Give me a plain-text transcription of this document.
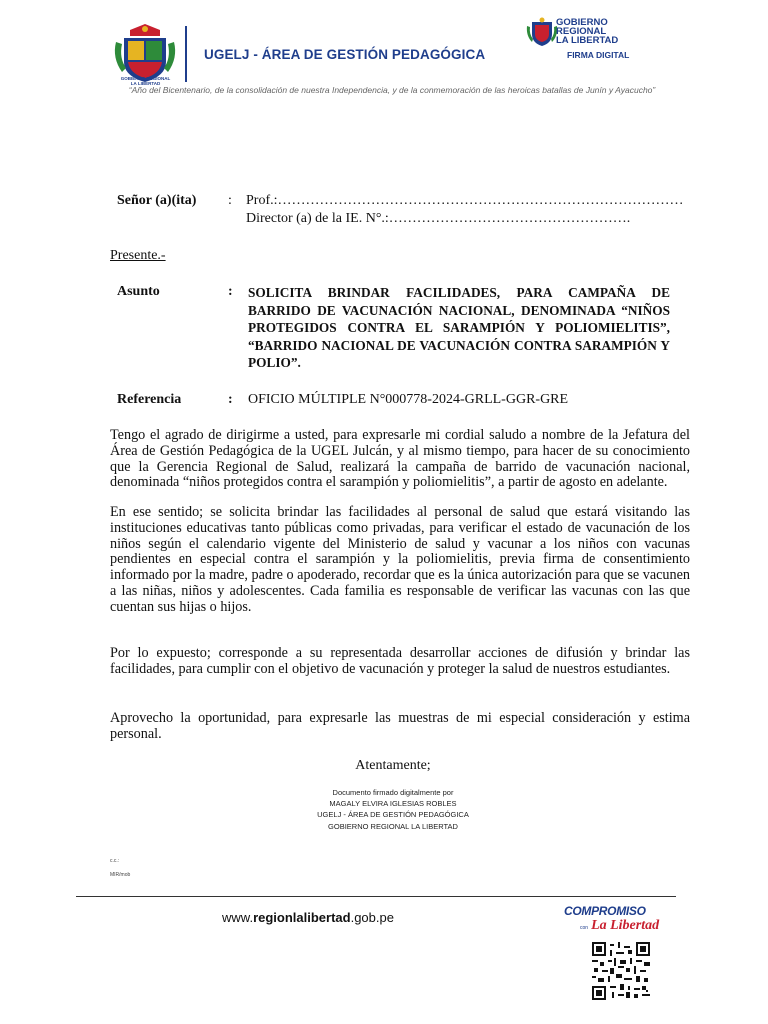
GOBIERNO REGIONAL
LA LIBERTAD
UGELJ - ÁREA DE GESTIÓN PEDAGÓGICA
GOBIERNO
REGIONAL
LA LIBERTAD
FIRMA DIGITAL
“Año del Bicentenario, de la consolidación de nuestra Independencia, y de la conmemoración de las heroicas batallas de Junín y Ayacucho”
Señor (a)(ita) : Prof.:……………………………………………………………………………
Director (a) de la IE. N°.:…………………………………………….
Presente.-
Asunto	: SOLICITA BRINDAR FACILIDADES, PARA CAMPAÑA DE BARRIDO DE VACUNACIÓN NACIONAL, DENOMINADA “NIÑOS PROTEGIDOS CONTRA EL SARAMPIÓN Y POLIOMIELITIS”, “BARRIDO NACIONAL DE VACUNACIÓN CONTRA SARAMPIÓN Y POLIO”.
Referencia	: OFICIO MÚLTIPLE N°000778-2024-GRLL-GGR-GRE
Tengo el agrado de dirigirme a usted, para expresarle mi cordial saludo a nombre de la Jefatura del Área de Gestión Pedagógica de la UGEL Julcán, y al mismo tiempo, para hacer de su conocimiento que la Gerencia Regional de Salud, realizará la campaña de barrido de vacunación nacional, denominada “niños protegidos contra el sarampión y poliomielitis”, a partir de agosto en adelante.
En ese sentido; se solicita brindar las facilidades al personal de salud que estará visitando las instituciones educativas tanto públicas como privadas, para verificar el estado de vacunación de los niños según el calendario vigente del Ministerio de salud y vacunar a los niños con vacunas pendientes en especial contra el sarampión y la poliomielitis, previa firma de consentimiento informado por la madre, padre o apoderado, recordar que es la única autorización para que se vacunen a las niñas, niños y adolescentes. Cada familia es responsable de verificar las vacunas con las que cuentan sus hijas o hijos.
Por lo expuesto; corresponde a su representada desarrollar acciones de difusión y brindar las facilidades, para cumplir con el objetivo de vacunación y proteger la salud de nuestros estudiantes.
Aprovecho la oportunidad, para expresarle las muestras de mi especial consideración y estima personal.
Atentamente;
Documento firmado digitalmente por
MAGALY ELVIRA IGLESIAS ROBLES
UGELJ - ÁREA DE GESTIÓN PEDAGÓGICA
GOBIERNO REGIONAL LA LIBERTAD
c.c.:
MIR/mob
www.regionlalibertad.gob.pe	COMPROMISO
con La Libertad
